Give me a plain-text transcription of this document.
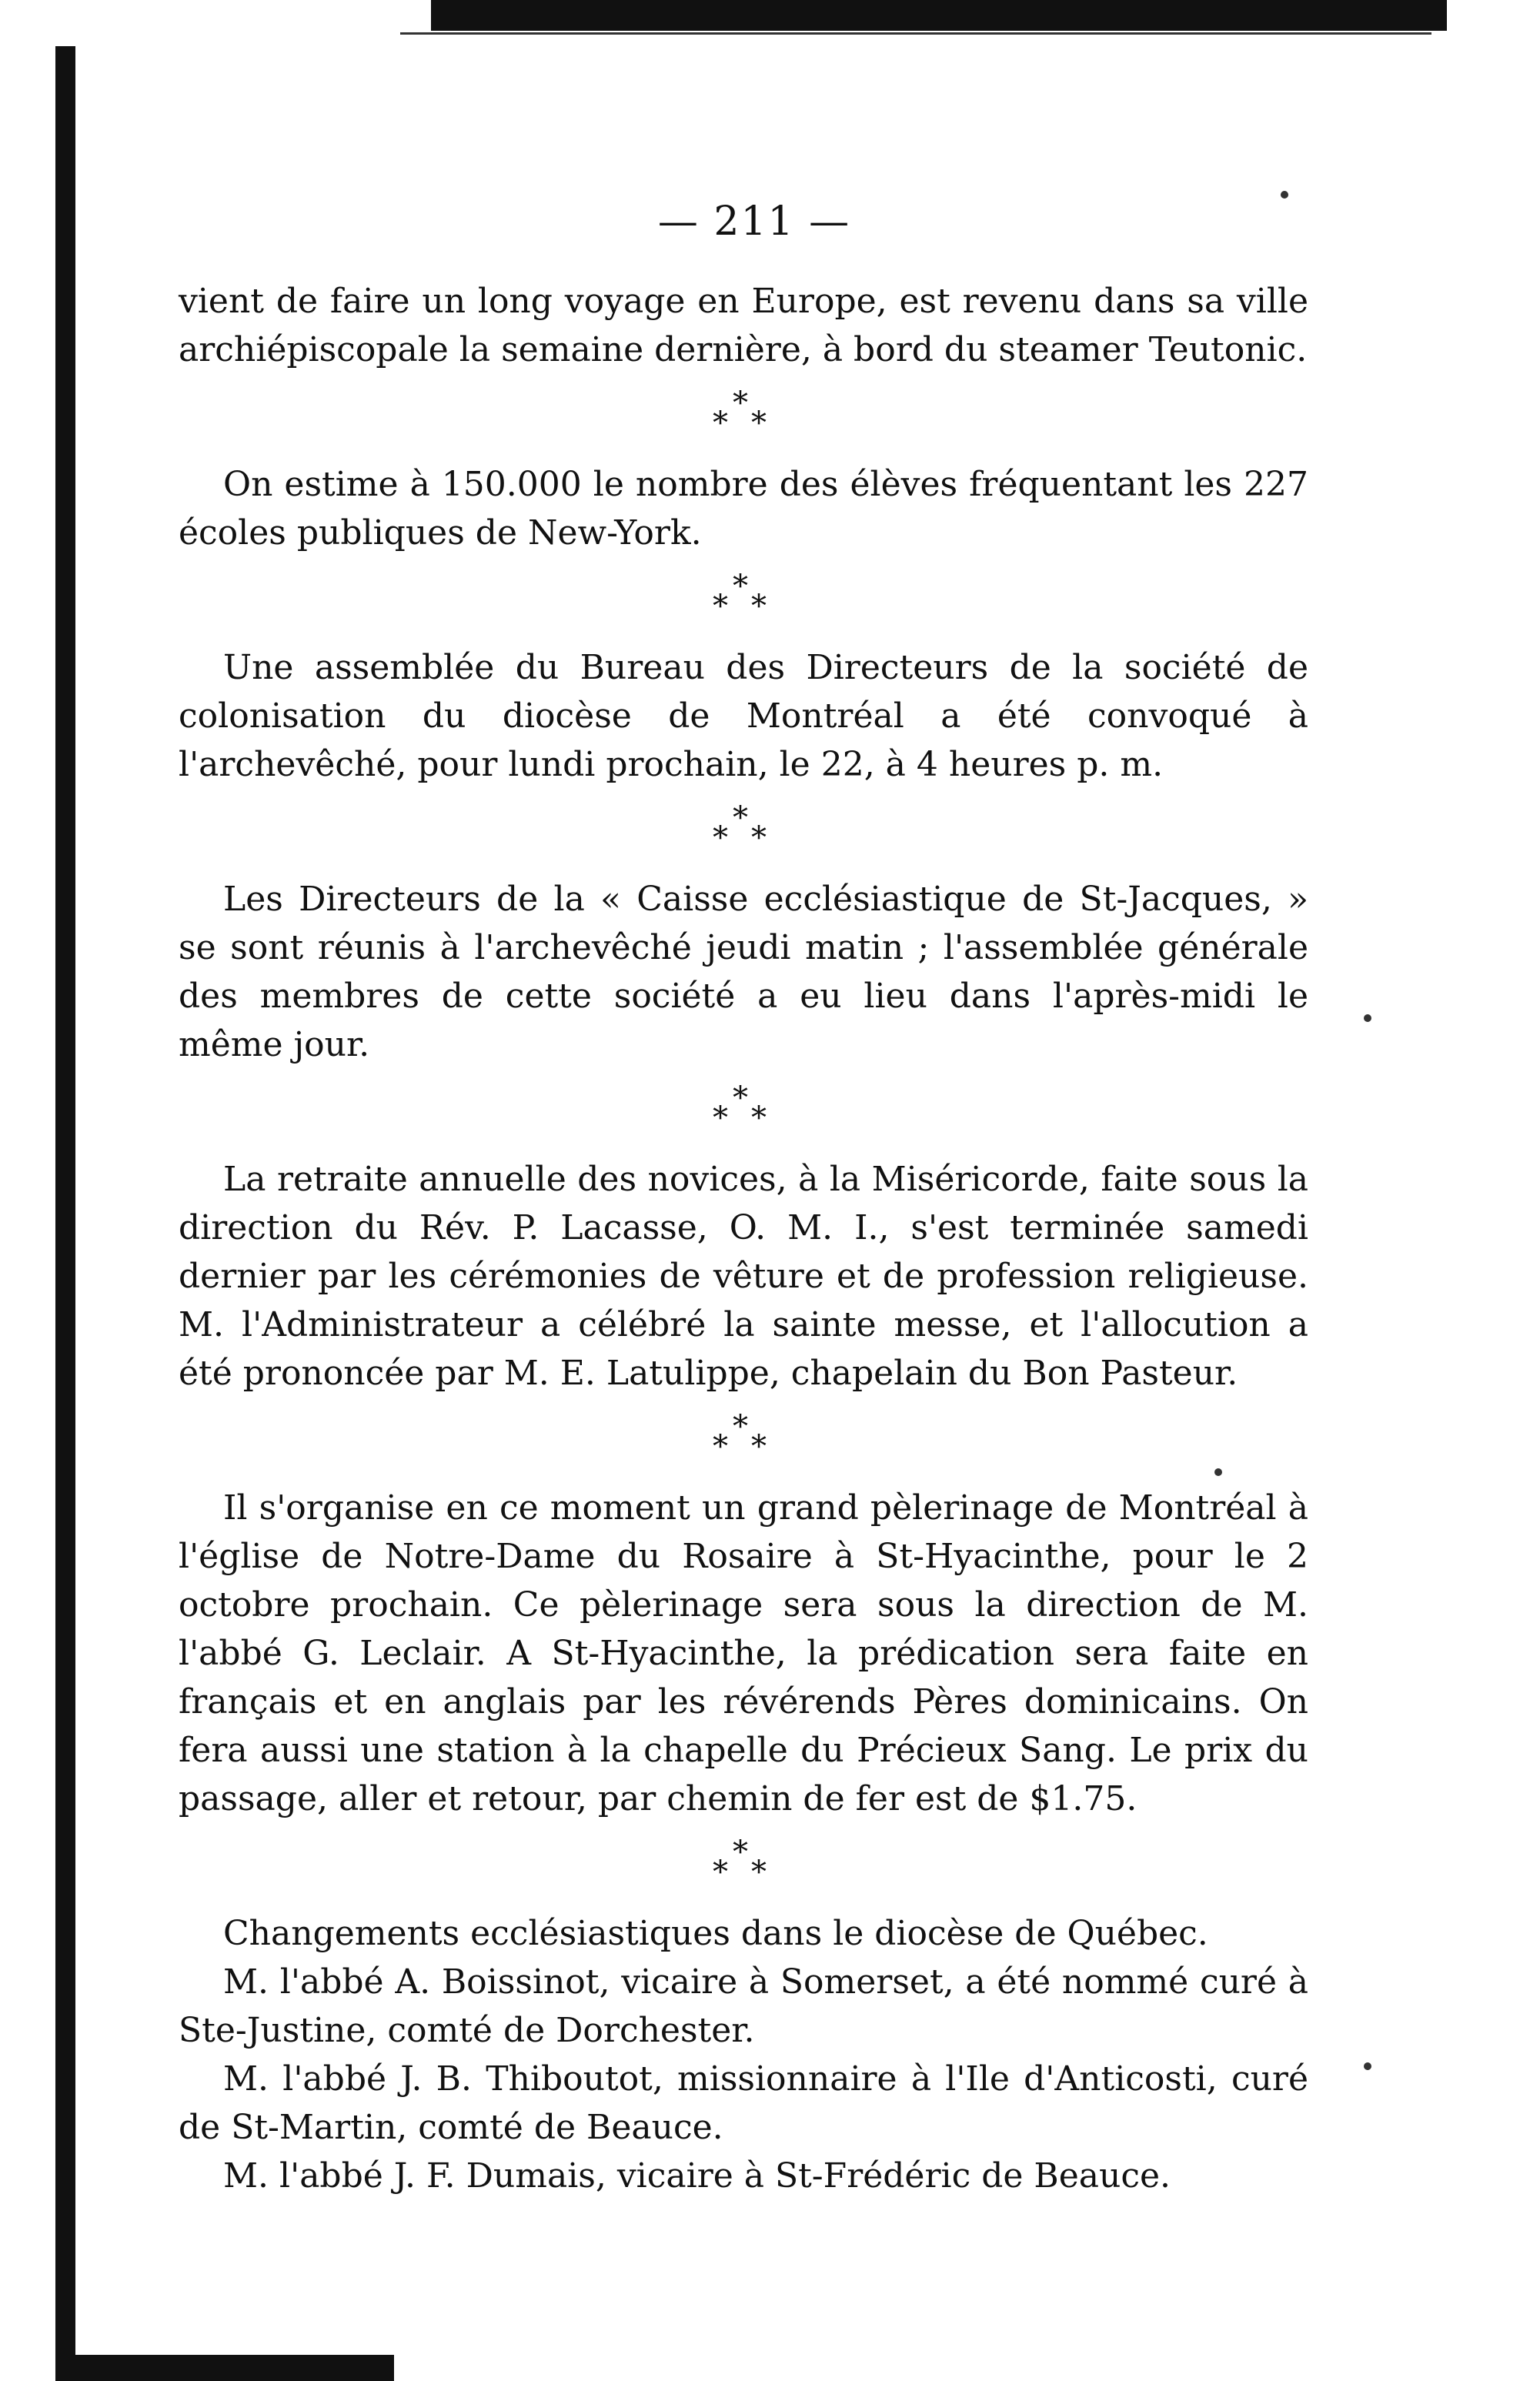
— 211 —

vient de faire un long voyage en Europe, est revenu dans sa ville archiépiscopale la semaine dernière, à bord du steamer Teutonic.

*
* *

On estime à 150.000 le nombre des élèves fréquentant les 227 écoles publiques de New-York.

*
* *

Une assemblée du Bureau des Directeurs de la société de colonisation du diocèse de Montréal a été convoqué à l'archevêché, pour lundi prochain, le 22, à 4 heures p. m.

*
* *

Les Directeurs de la « Caisse ecclésiastique de St-Jacques, » se sont réunis à l'archevêché jeudi matin ; l'assemblée générale des membres de cette société a eu lieu dans l'après-midi le même jour.

*
* *

La retraite annuelle des novices, à la Miséricorde, faite sous la direction du Rév. P. Lacasse, O. M. I., s'est terminée samedi dernier par les cérémonies de vêture et de profession religieuse. M. l'Administrateur a célébré la sainte messe, et l'allocution a été prononcée par M. E. Latulippe, chapelain du Bon Pasteur.

*
* *

Il s'organise en ce moment un grand pèlerinage de Montréal à l'église de Notre-Dame du Rosaire à St-Hyacinthe, pour le 2 octobre prochain. Ce pèlerinage sera sous la direction de M. l'abbé G. Leclair. A St-Hyacinthe, la prédication sera faite en français et en anglais par les révérends Pères dominicains. On fera aussi une station à la chapelle du Précieux Sang. Le prix du passage, aller et retour, par chemin de fer est de $1.75.

*
* *

Changements ecclésiastiques dans le diocèse de Québec.

M. l'abbé A. Boissinot, vicaire à Somerset, a été nommé curé à Ste-Justine, comté de Dorchester.

M. l'abbé J. B. Thiboutot, missionnaire à l'Ile d'Anticosti, curé de St-Martin, comté de Beauce.

M. l'abbé J. F. Dumais, vicaire à St-Frédéric de Beauce.
